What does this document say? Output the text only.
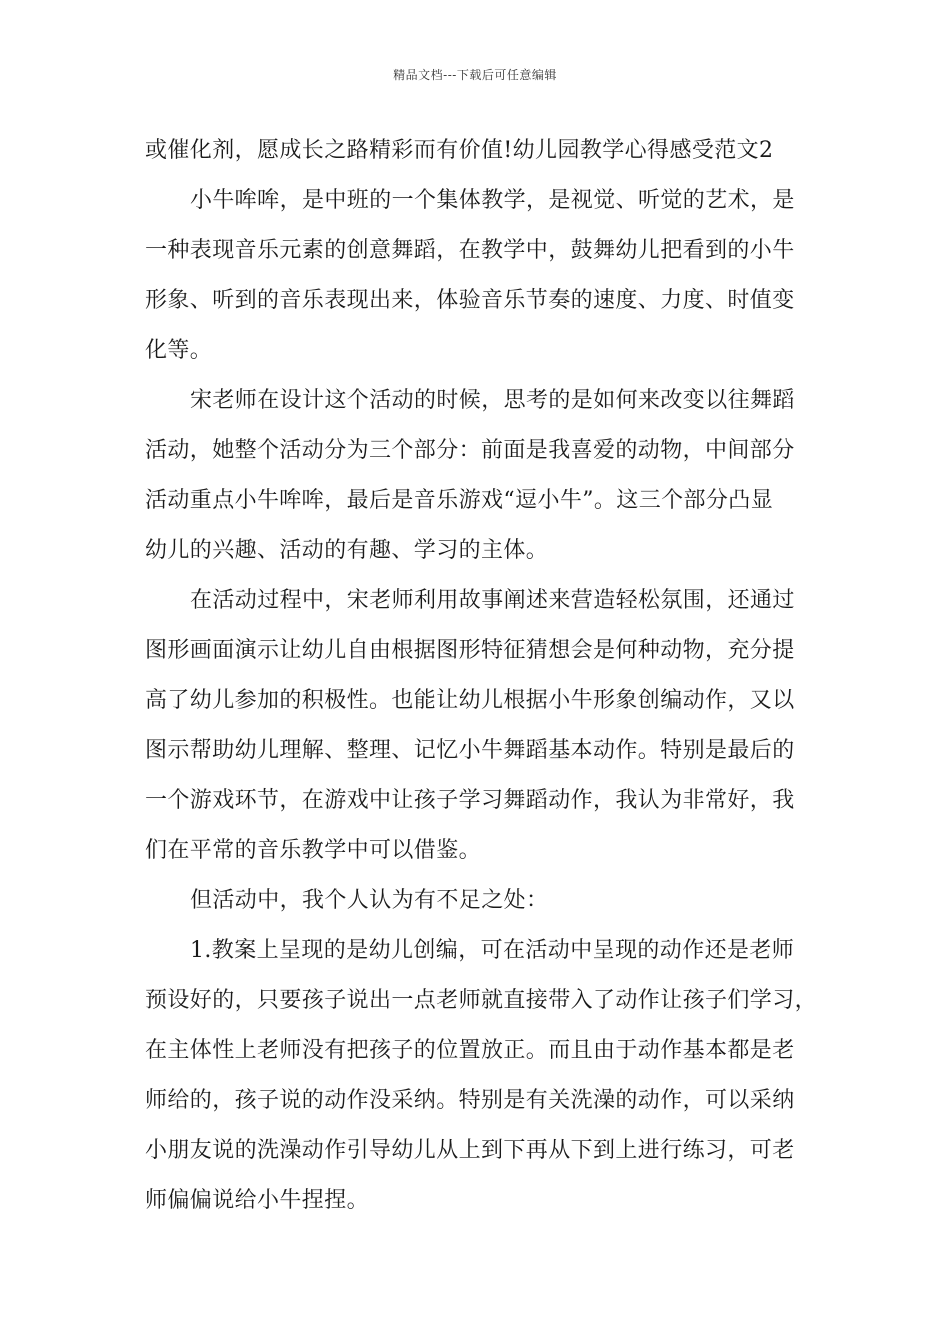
精品文档---下载后可任意编辑
或催化剂，愿成长之路精彩而有价值!幼儿园教学心得感受范文2
小牛哞哞，是中班的一个集体教学，是视觉、听觉的艺术，是
一种表现音乐元素的创意舞蹈，在教学中，鼓舞幼儿把看到的小牛
形象、听到的音乐表现出来，体验音乐节奏的速度、力度、时值变
化等。
宋老师在设计这个活动的时候，思考的是如何来改变以往舞蹈
活动，她整个活动分为三个部分：前面是我喜爱的动物，中间部分
活动重点小牛哞哞，最后是音乐游戏“逗小牛”。这三个部分凸显
幼儿的兴趣、活动的有趣、学习的主体。
在活动过程中，宋老师利用故事阐述来营造轻松氛围，还通过
图形画面演示让幼儿自由根据图形特征猜想会是何种动物，充分提
高了幼儿参加的积极性。也能让幼儿根据小牛形象创编动作，又以
图示帮助幼儿理解、整理、记忆小牛舞蹈基本动作。特别是最后的
一个游戏环节，在游戏中让孩子学习舞蹈动作，我认为非常好，我
们在平常的音乐教学中可以借鉴。
但活动中，我个人认为有不足之处：
1.教案上呈现的是幼儿创编，可在活动中呈现的动作还是老师
预设好的，只要孩子说出一点老师就直接带入了动作让孩子们学习，
在主体性上老师没有把孩子的位置放正。而且由于动作基本都是老
师给的，孩子说的动作没采纳。特别是有关洗澡的动作，可以采纳
小朋友说的洗澡动作引导幼儿从上到下再从下到上进行练习，可老
师偏偏说给小牛捏捏。
